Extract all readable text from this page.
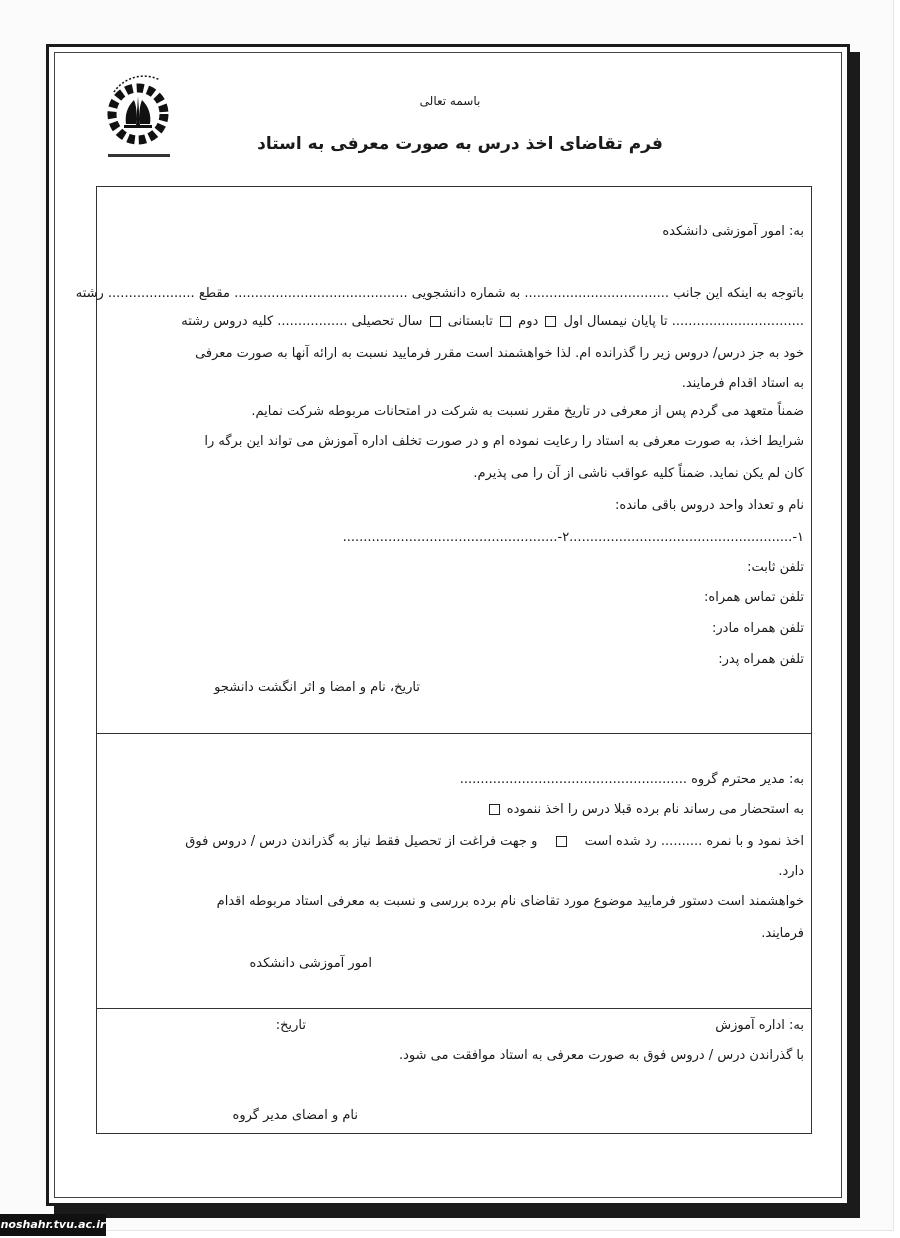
باسمه تعالی
فرم تقاضای اخذ درس به صورت معرفی به استاد
به: امور آموزشی دانشکده
باتوجه به اینکه این جانب ................................... به شماره دانشجویی .......................................... مقطع ..................... رشته
................................ تا پایان نیمسال اول  دوم  تابستانی  سال تحصیلی ................. کلیه دروس رشته
خود به جز درس/ دروس زیر را گذرانده ام. لذا خواهشمند است مقرر فرمایید نسبت به ارائه آنها به صورت معرفی
به استاد اقدام فرمایند.
ضمناً متعهد می گردم پس از معرفی در تاریخ مقرر نسبت به شرکت در امتحانات مربوطه شرکت نمایم.
شرایط اخذ، به صورت معرفی به استاد را رعایت نموده ام و در صورت تخلف اداره آموزش می تواند این برگه را
کان لم یکن نماید. ضمناً کلیه عواقب ناشی از آن را می پذیرم.
نام و تعداد واحد دروس باقی مانده:
۱-......................................................۲-....................................................
تلفن ثابت:
تلفن تماس همراه:
تلفن همراه مادر:
تلفن همراه پدر:
تاریخ، نام و امضا و اثر انگشت دانشجو
به: مدیر محترم گروه .......................................................
به استحضار می رساند نام برده قبلا درس را اخذ ننموده
اخذ نمود و با نمره .......... رد شده است  و جهت فراغت از تحصیل فقط نیاز به گذراندن درس / دروس فوق
دارد.
خواهشمند است دستور فرمایید موضوع مورد تقاضای نام برده بررسی و نسبت به معرفی استاد مربوطه اقدام
فرمایند.
امور آموزشی دانشکده
به: اداره آموزش
تاریخ:
با گذراندن درس / دروس فوق به صورت معرفی به استاد موافقت می شود.
نام و امضای مدیر گروه
noshahr.tvu.ac.ir
